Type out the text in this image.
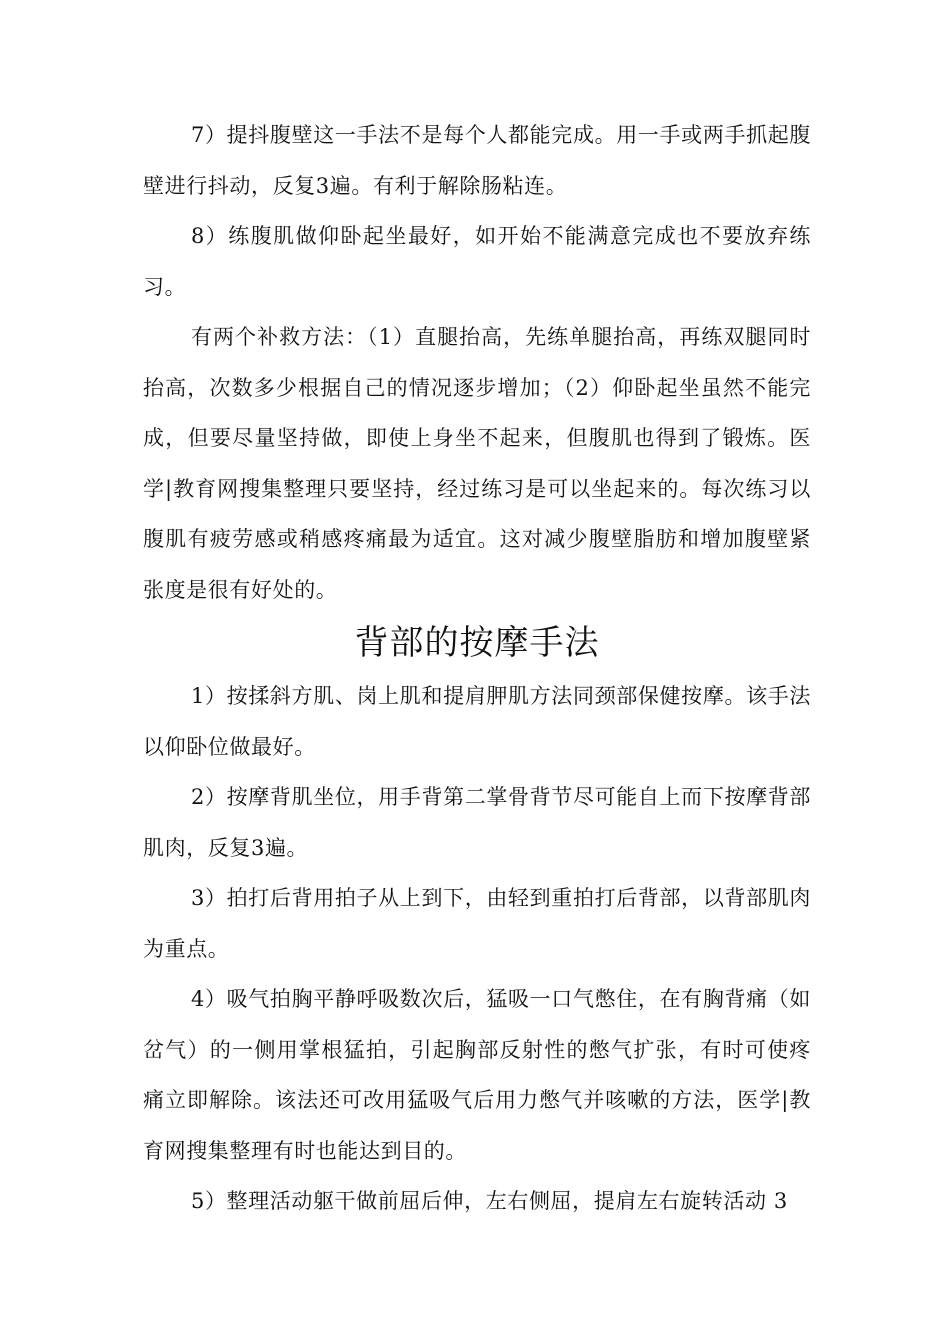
7）提抖腹壁这一手法不是每个人都能完成。用一手或两手抓起腹壁进行抖动，反复3遍。有利于解除肠粘连。

8）练腹肌做仰卧起坐最好，如开始不能满意完成也不要放弃练习。

有两个补救方法：（1）直腿抬高，先练单腿抬高，再练双腿同时抬高，次数多少根据自己的情况逐步增加；（2）仰卧起坐虽然不能完成，但要尽量坚持做，即使上身坐不起来，但腹肌也得到了锻炼。医学|教育网搜集整理只要坚持，经过练习是可以坐起来的。每次练习以腹肌有疲劳感或稍感疼痛最为适宜。这对减少腹壁脂肪和增加腹壁紧张度是很有好处的。

背部的按摩手法

1）按揉斜方肌、岗上肌和提肩胛肌方法同颈部保健按摩。该手法以仰卧位做最好。

2）按摩背肌坐位，用手背第二掌骨背节尽可能自上而下按摩背部肌肉，反复3遍。

3）拍打后背用拍子从上到下，由轻到重拍打后背部，以背部肌肉为重点。

4）吸气拍胸平静呼吸数次后，猛吸一口气憋住，在有胸背痛（如岔气）的一侧用掌根猛拍，引起胸部反射性的憋气扩张，有时可使疼痛立即解除。该法还可改用猛吸气后用力憋气并咳嗽的方法，医学|教育网搜集整理有时也能达到目的。

5）整理活动躯干做前屈后伸，左右侧屈，提肩左右旋转活动 3
